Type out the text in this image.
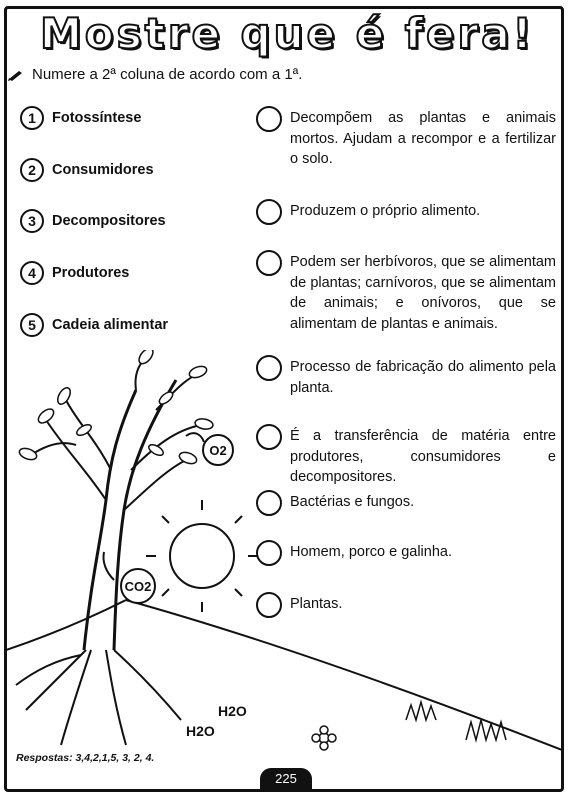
Mostre que é fera!
Numere a 2ª coluna de acordo com a 1ª.
1	Fotossíntese
2	Consumidores
3	Decompositores
4	Produtores
5	Cadeia alimentar
Decompõem as plantas e animais mortos. Ajudam a recompor e a fertilizar o solo.
Produzem o próprio alimento.
Podem ser herbívoros, que se alimentam de plantas; carnívoros, que se alimentam de animais; e onívoros, que se alimentam de plantas e animais.
Processo de fabricação do alimento pela planta.
É a transferência de matéria entre produtores, consumidores e decompositores.
Bactérias e fungos.
Homem, porco e galinha.
Plantas.
O2
CO2
H2O
H2O
Respostas: 3,4,2,1,5, 3, 2, 4.
225
